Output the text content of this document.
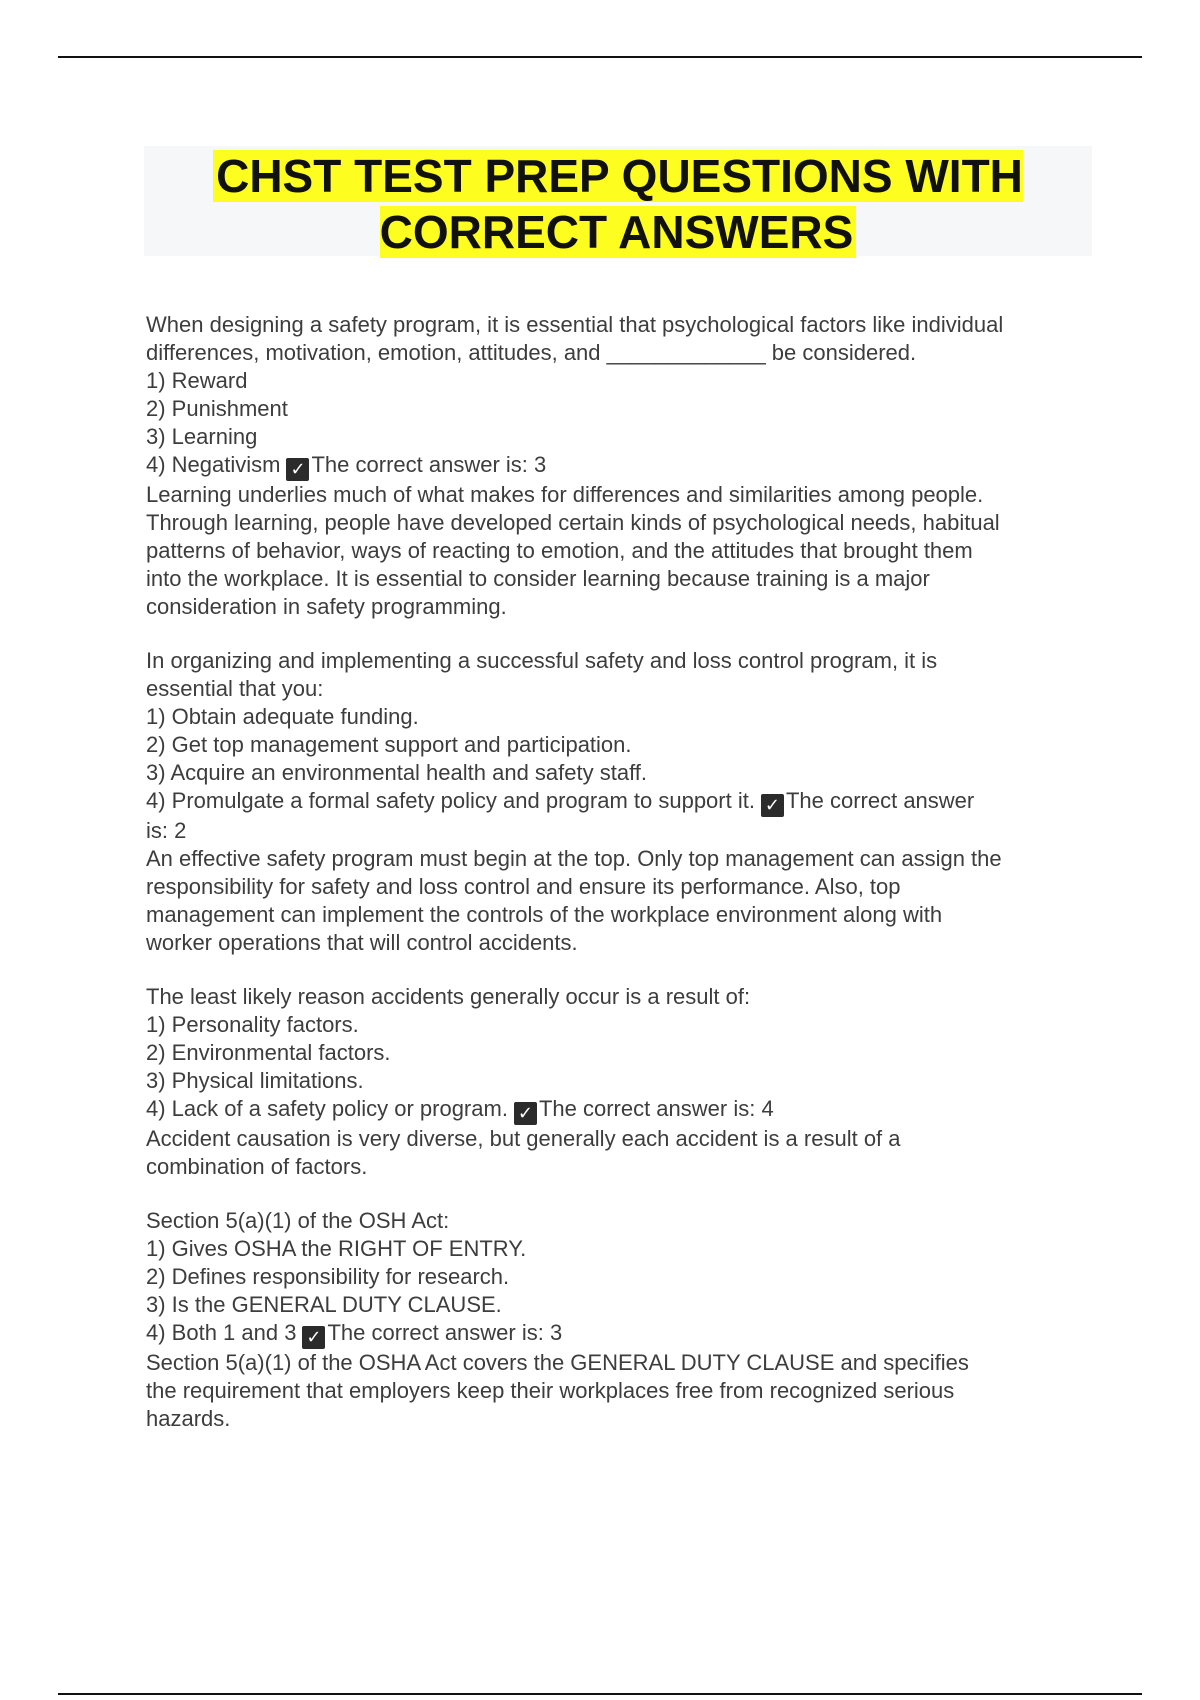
CHST TEST PREP QUESTIONS WITH CORRECT ANSWERS
When designing a safety program, it is essential that psychological factors like individual
differences, motivation, emotion, attitudes, and _____________ be considered.
1) Reward
2) Punishment
3) Learning
4) Negativism ✓ The correct answer is: 3
Learning underlies much of what makes for differences and similarities among people.
Through learning, people have developed certain kinds of psychological needs, habitual
patterns of behavior, ways of reacting to emotion, and the attitudes that brought them
into the workplace. It is essential to consider learning because training is a major
consideration in safety programming.
In organizing and implementing a successful safety and loss control program, it is
essential that you:
1) Obtain adequate funding.
2) Get top management support and participation.
3) Acquire an environmental health and safety staff.
4) Promulgate a formal safety policy and program to support it. ✓ The correct answer
is: 2
An effective safety program must begin at the top. Only top management can assign the
responsibility for safety and loss control and ensure its performance. Also, top
management can implement the controls of the workplace environment along with
worker operations that will control accidents.
The least likely reason accidents generally occur is a result of:
1) Personality factors.
2) Environmental factors.
3) Physical limitations.
4) Lack of a safety policy or program. ✓ The correct answer is: 4
Accident causation is very diverse, but generally each accident is a result of a
combination of factors.
Section 5(a)(1) of the OSH Act:
1) Gives OSHA the RIGHT OF ENTRY.
2) Defines responsibility for research.
3) Is the GENERAL DUTY CLAUSE.
4) Both 1 and 3 ✓ The correct answer is: 3
Section 5(a)(1) of the OSHA Act covers the GENERAL DUTY CLAUSE and specifies
the requirement that employers keep their workplaces free from recognized serious
hazards.
